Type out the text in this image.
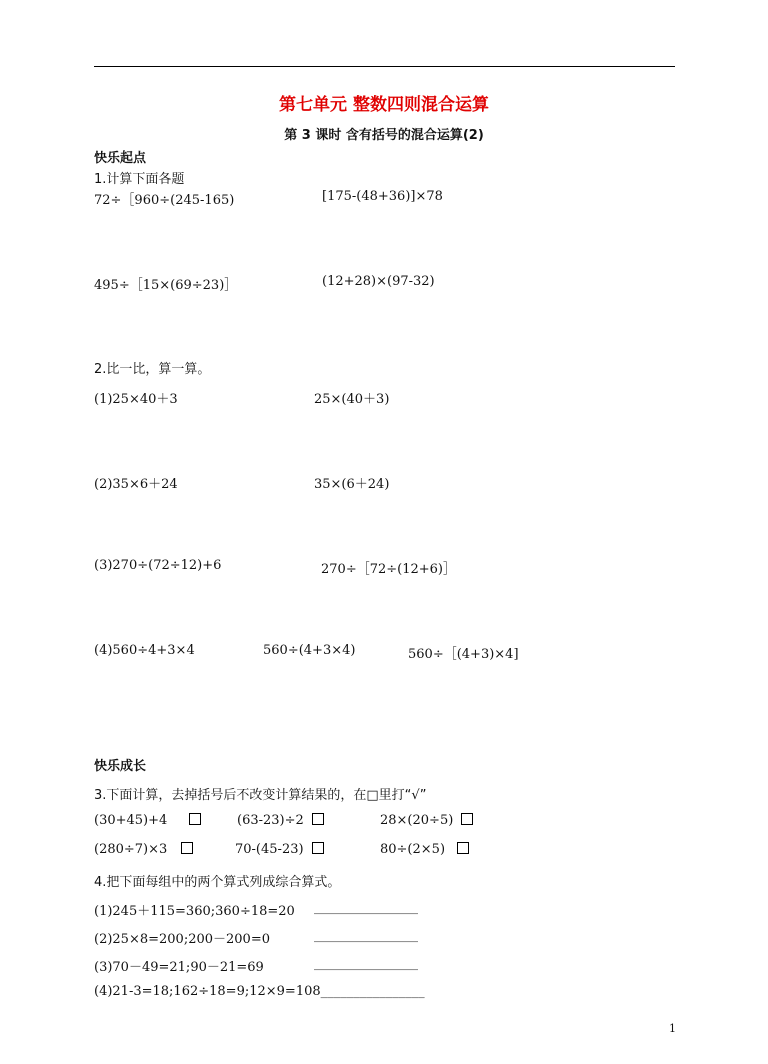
第七单元 整数四则混合运算
第 3 课时 含有括号的混合运算(2)
快乐起点
1.计算下面各题
72÷［960÷(245-165)	[175-(48+36)]×78
495÷［15×(69÷23)］	(12+28)×(97-32)
2.比一比，算一算。
(1)25×40＋3	25×(40＋3)
(2)35×6＋24	35×(6＋24)
(3)270÷(72÷12)+6	270÷［72÷(12+6)］
(4)560÷4+3×4	560÷(4+3×4)	560÷［(4+3)×4]
快乐成长
3.下面计算，去掉括号后不改变计算结果的，在□里打“√”
(30+45)+4	(63-23)÷2	28×(20÷5)
(280÷7)×3	70-(45-23)	80÷(2×5)
4.把下面每组中的两个算式列成综合算式。
(1)245＋115=360;360÷18=20 ________________
(2)25×8=200;200－200=0	________________
(3)70－49=21;90－21=69	________________
(4)21-3=18;162÷18=9;12×9=108________________
1
